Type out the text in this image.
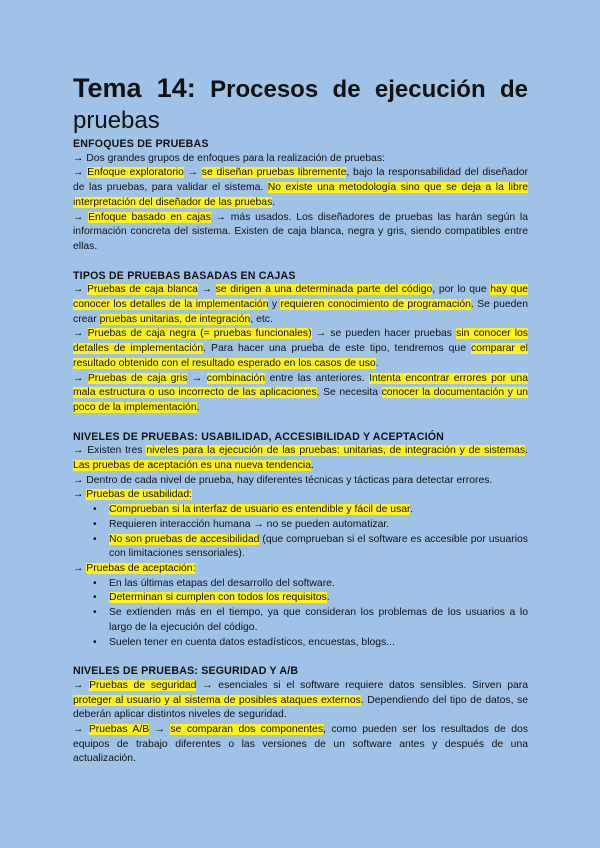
Tema 14: Procesos de ejecución de
pruebas
ENFOQUES DE PRUEBAS

→ Dos grandes grupos de enfoques para la realización de pruebas:

→ Enfoque exploratorio → se diseñan pruebas libremente, bajo la responsabilidad del diseñador de las pruebas, para validar el sistema. No existe una metodología sino que se deja a la libre interpretación del diseñador de las pruebas.

→ Enfoque basado en cajas → más usados. Los diseñadores de pruebas las harán según la información concreta del sistema. Existen de caja blanca, negra y gris, siendo compatibles entre ellas.

TIPOS DE PRUEBAS BASADAS EN CAJAS

→ Pruebas de caja blanca → se dirigen a una determinada parte del código, por lo que hay que conocer los detalles de la implementación y requieren conocimiento de programación. Se pueden crear pruebas unitarias, de integración, etc.

→ Pruebas de caja negra (= pruebas funcionales) → se pueden hacer pruebas sin conocer los detalles de implementación. Para hacer una prueba de este tipo, tendremos que comparar el resultado obtenido con el resultado esperado en los casos de uso.

→ Pruebas de caja gris → combinación entre las anteriores. Intenta encontrar errores por una mala estructura o uso incorrecto de las aplicaciones. Se necesita conocer la documentación y un poco de la implementación.

NIVELES DE PRUEBAS: USABILIDAD, ACCESIBILIDAD Y ACEPTACIÓN

→ Existen tres niveles para la ejecución de las pruebas: unitarias, de integración y de sistemas. Las pruebas de aceptación es una nueva tendencia.

→ Dentro de cada nivel de prueba, hay diferentes técnicas y tácticas para detectar errores.

→ Pruebas de usabilidad:

• Comprueban si la interfaz de usuario es entendible y fácil de usar.
• Requieren interacción humana → no se pueden automatizar.
• No son pruebas de accesibilidad (que comprueban si el software es accesible por usuarios con limitaciones sensoriales).

→ Pruebas de aceptación:

• En las últimas etapas del desarrollo del software.
• Determinan si cumplen con todos los requisitos.
• Se extienden más en el tiempo, ya que consideran los problemas de los usuarios a lo largo de la ejecución del código.
• Suelen tener en cuenta datos estadísticos, encuestas, blogs...
NIVELES DE PRUEBAS: SEGURIDAD Y A/B

→ Pruebas de seguridad → esenciales si el software requiere datos sensibles. Sirven para proteger al usuario y al sistema de posibles ataques externos. Dependiendo del tipo de datos, se deberán aplicar distintos niveles de seguridad.

→ Pruebas A/B → se comparan dos componentes, como pueden ser los resultados de dos equipos de trabajo diferentes o las versiones de un software antes y después de una actualización.
